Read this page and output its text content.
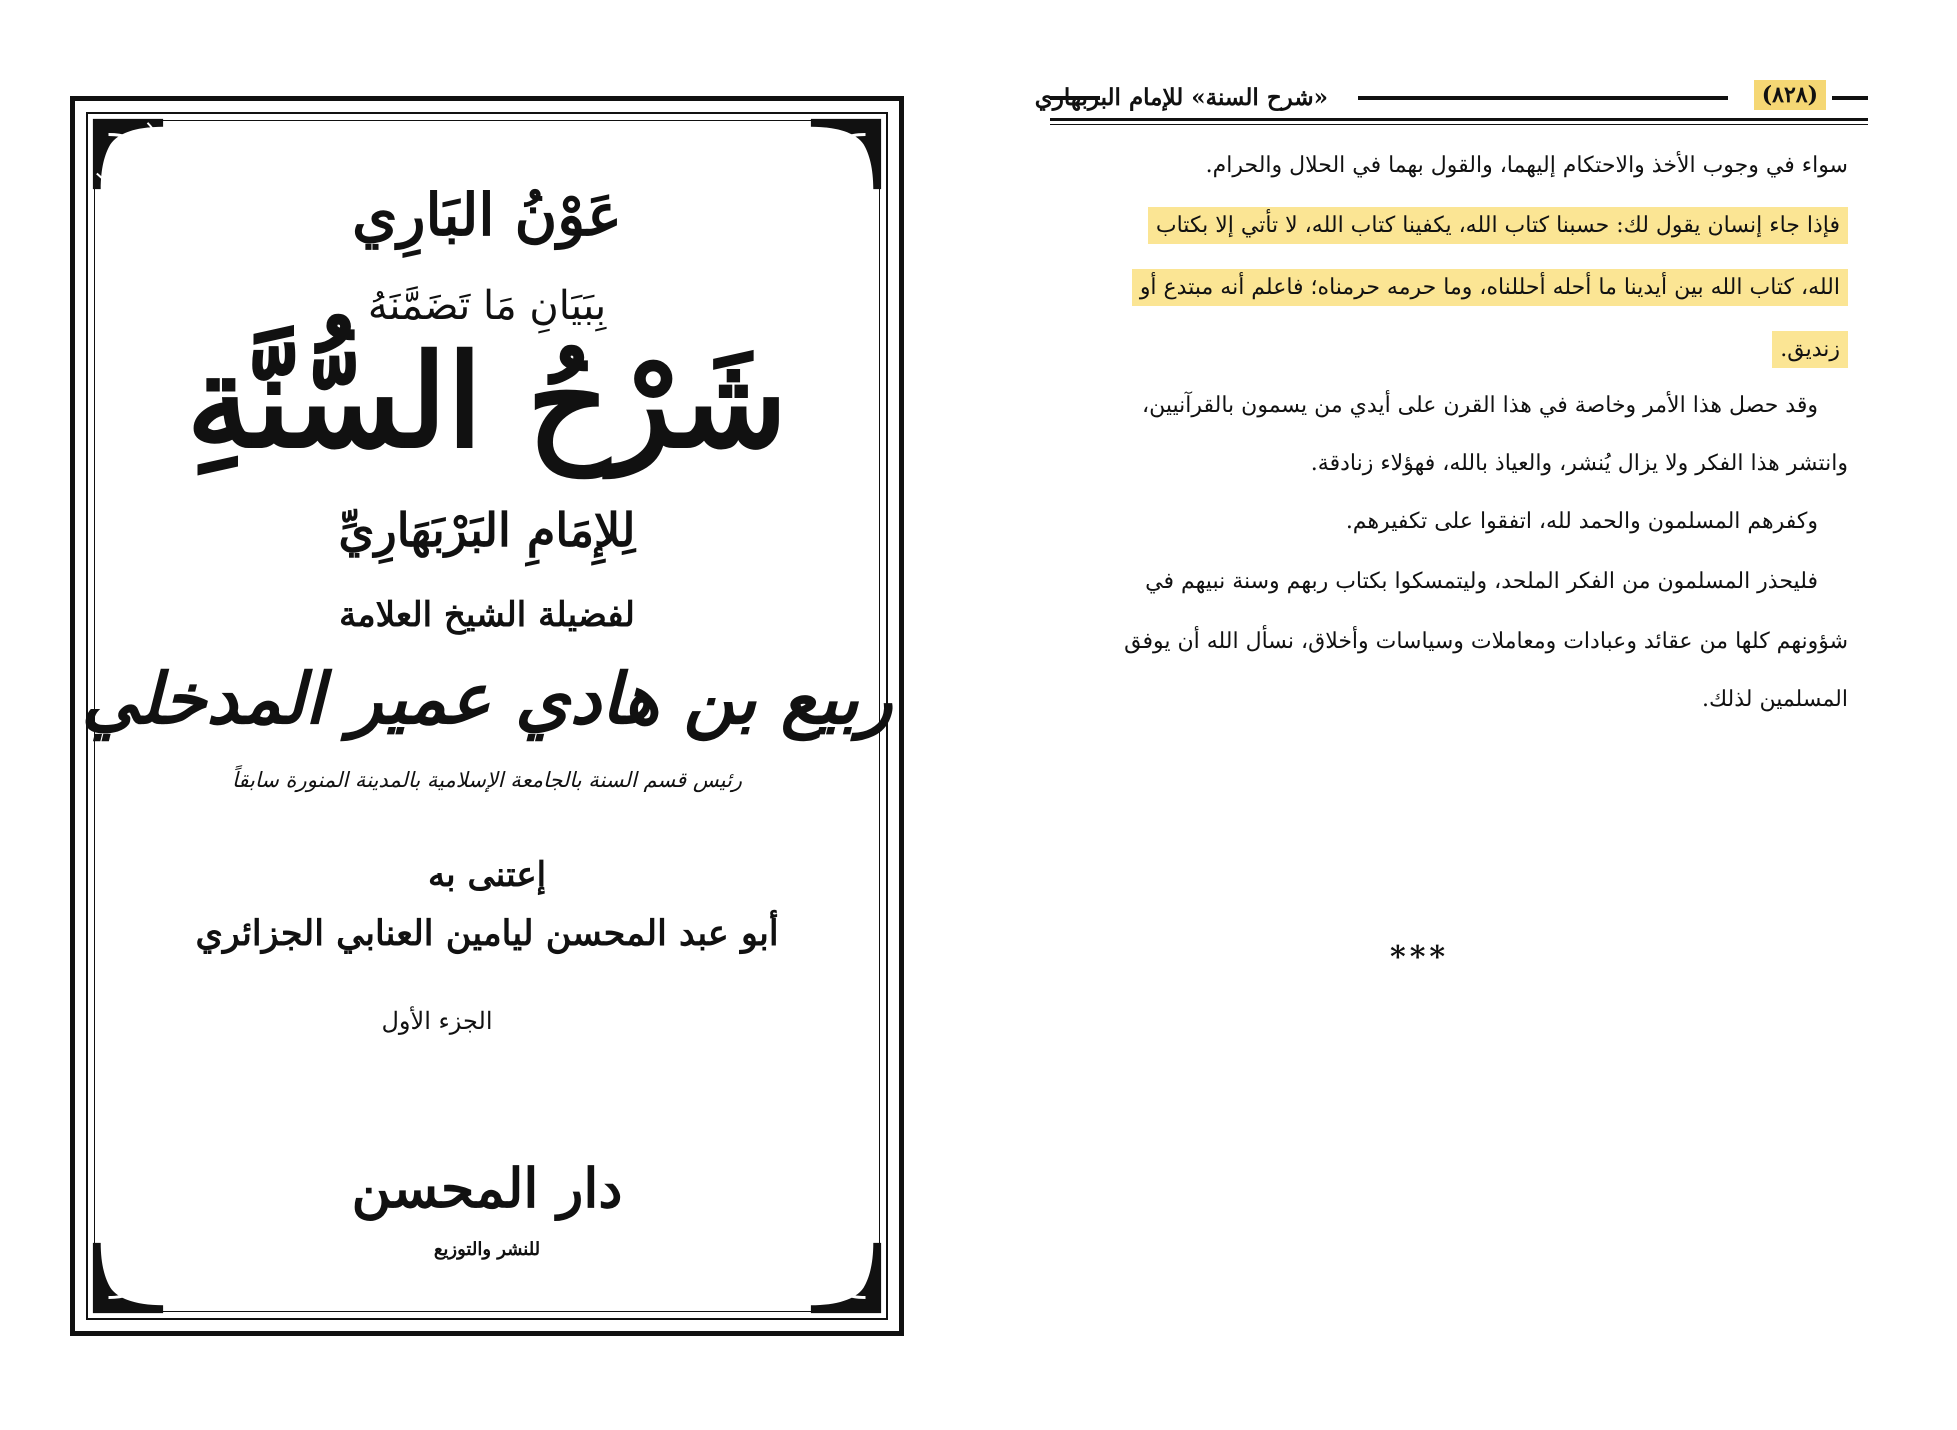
عَوْنُ البَارِي
بِبَيَانِ مَا تَضَمَّنَهُ
شَرْحُ السُّنَّةِ
لِلإِمَامِ البَرْبَهَارِيِّ
لفضيلة الشيخ العلامة
ربيع بن هادي عمير المدخلي
رئيس قسم السنة بالجامعة الإسلامية بالمدينة المنورة سابقاً
إعتنى به
أبو عبد المحسن ليامين العنابي الجزائري
الجزء الأول
دار المحسن
للنشر والتوزيع
(٨٢٨)
«شرح السنة» للإمام البربهاري
سواء في وجوب الأخذ والاحتكام إليهما، والقول بهما في الحلال والحرام.
فإذا جاء إنسان يقول لك: حسبنا كتاب الله، يكفينا كتاب الله، لا تأتي إلا بكتاب
الله، كتاب الله بين أيدينا ما أحله أحللناه، وما حرمه حرمناه؛ فاعلم أنه مبتدع أو
زنديق.
وقد حصل هذا الأمر وخاصة في هذا القرن على أيدي من يسمون بالقرآنيين،
وانتشر هذا الفكر ولا يزال يُنشر، والعياذ بالله، فهؤلاء زنادقة.
وكفرهم المسلمون والحمد لله، اتفقوا على تكفيرهم.
فليحذر المسلمون من الفكر الملحد، وليتمسكوا بكتاب ربهم وسنة نبيهم في
شؤونهم كلها من عقائد وعبادات ومعاملات وسياسات وأخلاق، نسأل الله أن يوفق
المسلمين لذلك.
***
